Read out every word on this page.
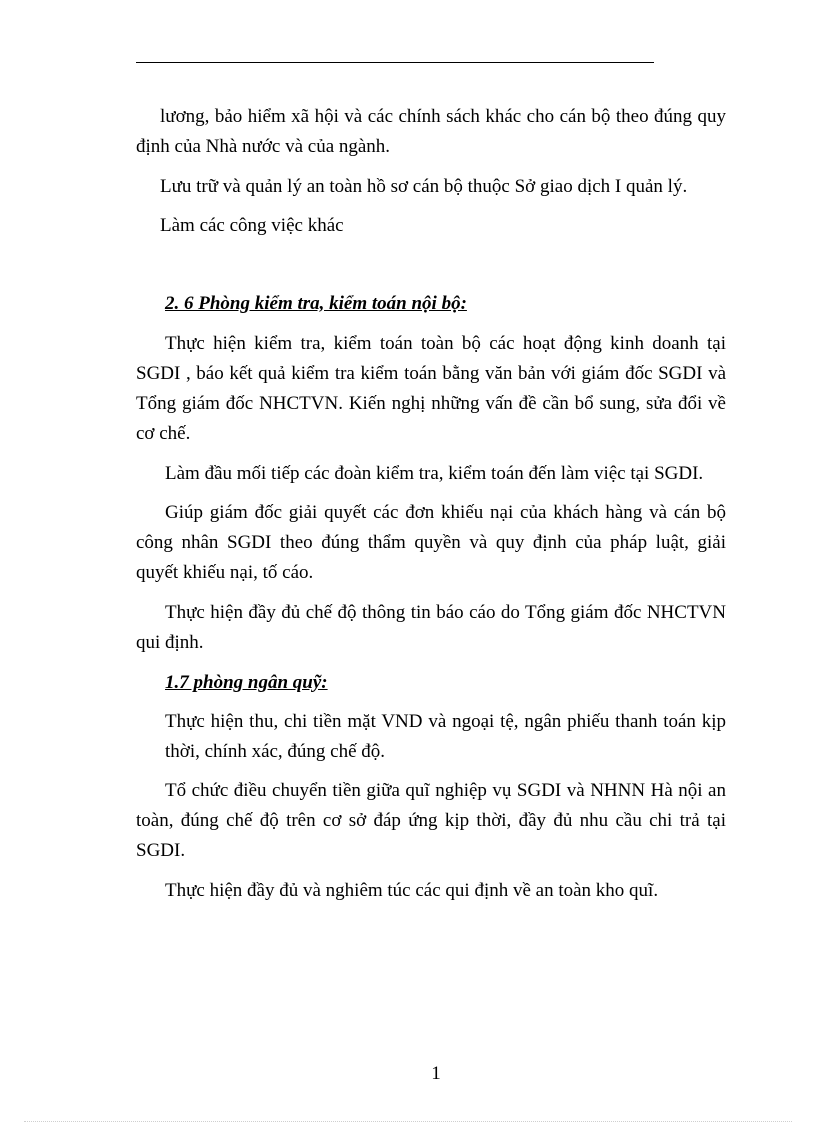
lương, bảo hiểm xã hội và các chính sách khác cho cán bộ theo đúng quy
định của Nhà nước và của ngành.
Lưu trữ và quản lý an toàn hồ sơ cán bộ thuộc Sở giao dịch I quản lý.
Làm các công việc khác
2. 6 Phòng kiểm tra, kiểm toán nội bộ:
Thực hiện kiểm tra, kiểm toán toàn bộ các hoạt động kinh doanh tại
SGDI , báo kết quả kiểm tra kiểm toán bằng văn bản với giám đốc SGDI và
Tổng giám đốc NHCTVN. Kiến nghị những vấn đề cần bổ sung, sửa đổi về
cơ chế.
Làm đầu mối tiếp các đoàn kiểm tra, kiểm toán đến làm việc tại SGDI.
Giúp giám đốc giải quyết các đơn khiếu nại của khách hàng và cán bộ
công nhân SGDI theo đúng thẩm quyền và quy định của pháp luật, giải
quyết khiếu nại, tố cáo.
Thực hiện đầy đủ chế độ thông tin báo cáo do Tổng giám đốc NHCTVN
qui định.
1.7 phòng ngân quỹ:
Thực hiện thu, chi tiền mặt VND và ngoại tệ, ngân phiếu thanh toán kịp
thời, chính xác, đúng chế độ.
Tổ chức điều chuyển tiền giữa quĩ nghiệp vụ SGDI và NHNN Hà nội an
toàn, đúng chế độ trên cơ sở đáp ứng kịp thời, đầy đủ nhu cầu chi trả tại
SGDI.
Thực hiện đầy đủ và nghiêm túc các qui định về an toàn kho quĩ.
1
